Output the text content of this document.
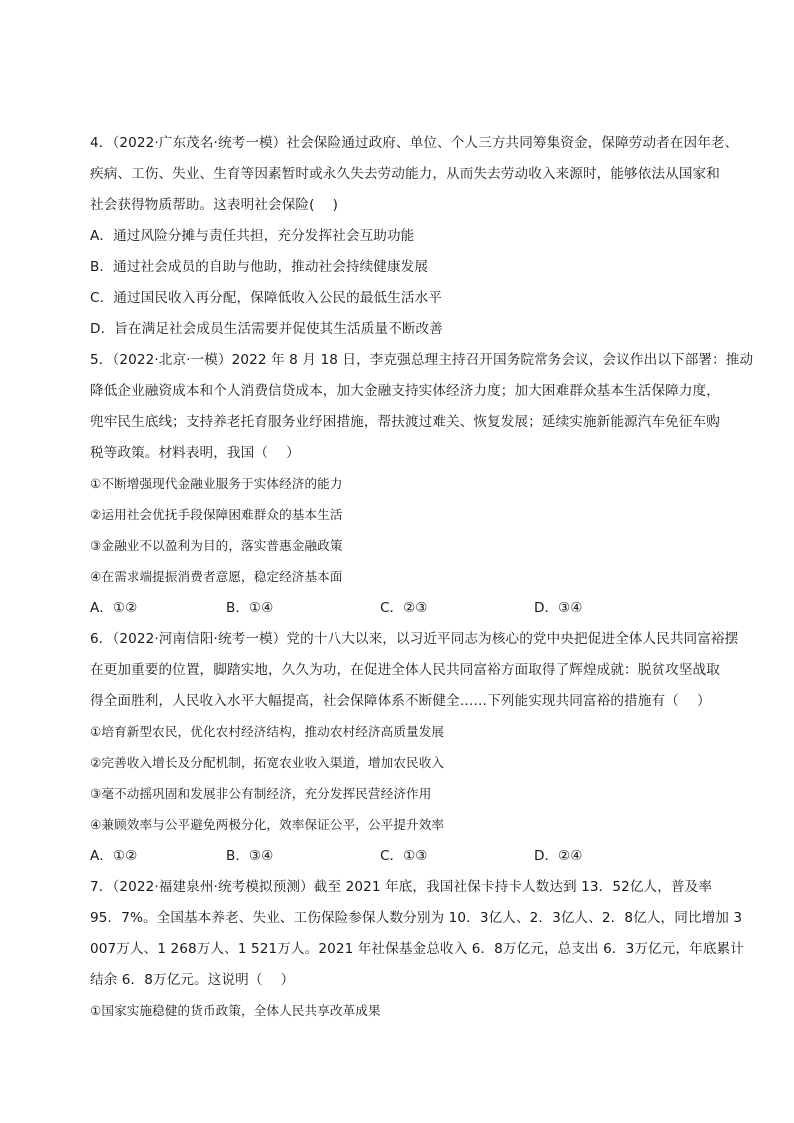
4．（2022·广东茂名·统考一模）社会保险通过政府、单位、个人三方共同筹集资金，保障劳动者在因年老、
疾病、工伤、失业、生育等因素暂时或永久失去劳动能力，从而失去劳动收入来源时，能够依法从国家和
社会获得物质帮助。这表明社会保险(　 )
A．通过风险分摊与责任共担，充分发挥社会互助功能
B．通过社会成员的自助与他助，推动社会持续健康发展
C．通过国民收入再分配，保障低收入公民的最低生活水平
D．旨在满足社会成员生活需要并促使其生活质量不断改善
5．（2022·北京·一模）2022 年 8 月 18 日，李克强总理主持召开国务院常务会议，会议作出以下部署：推动
降低企业融资成本和个人消费信贷成本，加大金融支持实体经济力度；加大困难群众基本生活保障力度，
兜牢民生底线；支持养老托育服务业纾困措施，帮扶渡过难关、恢复发展；延续实施新能源汽车免征车购
税等政策。材料表明，我国（　 ）
①不断增强现代金融业服务于实体经济的能力
②运用社会优抚手段保障困难群众的基本生活
③金融业不以盈利为目的，落实普惠金融政策
④在需求端提振消费者意愿，稳定经济基本面
A．①②	B．①④	C．②③	D．③④
6．（2022·河南信阳·统考一模）党的十八大以来，以习近平同志为核心的党中央把促进全体人民共同富裕摆
在更加重要的位置，脚踏实地，久久为功，在促进全体人民共同富裕方面取得了辉煌成就：脱贫攻坚战取
得全面胜利，人民收入水平大幅提高，社会保障体系不断健全……下列能实现共同富裕的措施有（　 ）
①培育新型农民，优化农村经济结构，推动农村经济高质量发展
②完善收入增长及分配机制，拓宽农业收入渠道，增加农民收入
③毫不动摇巩固和发展非公有制经济，充分发挥民营经济作用
④兼顾效率与公平避免两极分化，效率保证公平，公平提升效率
A．①②	B．③④	C．①③	D．②④
7．（2022·福建泉州·统考模拟预测）截至 2021 年底，我国社保卡持卡人数达到 13．52亿人，普及率
95．7%。全国基本养老、失业、工伤保险参保人数分别为 10．3亿人、2．3亿人、2．8亿人，同比增加 3
007万人、1 268万人、1 521万人。2021 年社保基金总收入 6．8万亿元，总支出 6．3万亿元，年底累计
结余 6．8万亿元。这说明（　 ）
①国家实施稳健的货币政策，全体人民共享改革成果
